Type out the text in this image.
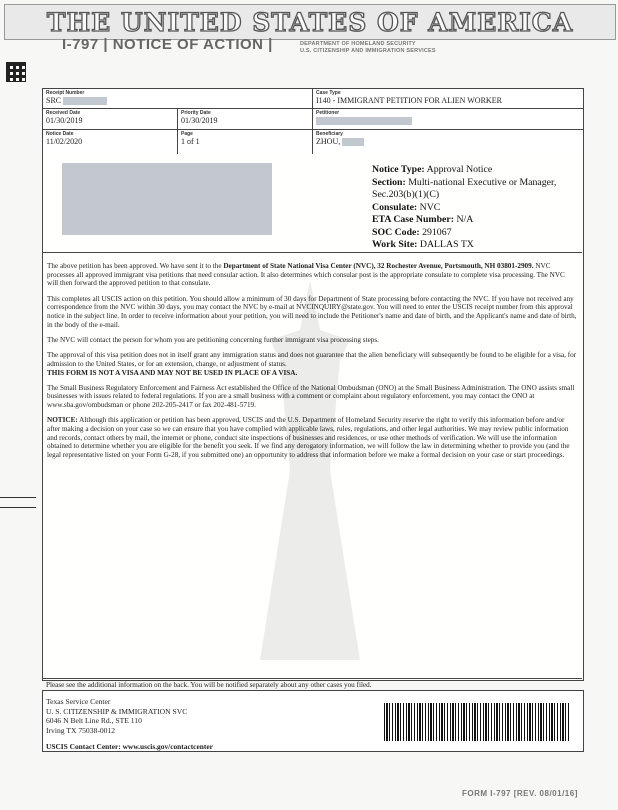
THE UNITED STATES OF AMERICA
I-797 | NOTICE OF ACTION |	DEPARTMENT OF HOMELAND SECURITY
U.S. CITIZENSHIP AND IMMIGRATION SERVICES
Receipt Number
SRC
Case Type
I140 - IMMIGRANT PETITION FOR ALIEN WORKER
Received Date
01/30/2019
Priority Date
01/30/2019
Petitioner
Notice Date
11/02/2020
Page
1 of 1
Beneficiary
ZHOU,
Notice Type: Approval Notice
Section: Multi-national Executive or Manager,
Sec.203(b)(1)(C)
Consulate: NVC
ETA Case Number: N/A
SOC Code: 291067
Work Site: DALLAS TX

The above petition has been approved. We have sent it to the Department of State National Visa Center (NVC), 32 Rochester Avenue, Portsmouth, NH 03801-2909. NVC processes all approved immigrant visa petitions that need consular action. It also determines which consular post is the appropriate consulate to complete visa processing. The NVC will then forward the approved petition to that consulate.

This completes all USCIS action on this petition. You should allow a minimum of 30 days for Department of State processing before contacting the NVC. If you have not received any correspondence from the NVC within 30 days, you may contact the NVC by e-mail at NVCINQUIRY@state.gov. You will need to enter the USCIS receipt number from this approval notice in the subject line. In order to receive information about your petition, you will need to include the Petitioner's name and date of birth, and the Applicant's name and date of birth, in the body of the e-mail.

The NVC will contact the person for whom you are petitioning concerning further immigrant visa processing steps.

The approval of this visa petition does not in itself grant any immigration status and does not guarantee that the alien beneficiary will subsequently be found to be eligible for a visa, for admission to the United States, or for an extension, change, or adjustment of status.
THIS FORM IS NOT A VISA AND MAY NOT BE USED IN PLACE OF A VISA.

The Small Business Regulatory Enforcement and Fairness Act established the Office of the National Ombudsman (ONO) at the Small Business Administration. The ONO assists small businesses with issues related to federal regulations. If you are a small business with a comment or complaint about regulatory enforcement, you may contact the ONO at www.sba.gov/ombudsman or phone 202-205-2417 or fax 202-481-5719.

NOTICE: Although this application or petition has been approved, USCIS and the U.S. Department of Homeland Security reserve the right to verify this information before and/or after making a decision on your case so we can ensure that you have complied with applicable laws, rules, regulations, and other legal authorities. We may review public information and records, contact others by mail, the internet or phone, conduct site inspections of businesses and residences, or use other methods of verification. We will use the information obtained to determine whether you are eligible for the benefit you seek. If we find any derogatory information, we will follow the law in determining whether to provide you (and the legal representative listed on your Form G-28, if you submitted one) an opportunity to address that information before we make a formal decision on your case or start proceedings.

Please see the additional information on the back. You will be notified separately about any other cases you filed.
Texas Service Center
U. S. CITIZENSHIP & IMMIGRATION SVC
6046 N Belt Line Rd., STE 110
Irving TX 75038-0012
USCIS Contact Center: www.uscis.gov/contactcenter
FORM I-797 [REV. 08/01/16]
